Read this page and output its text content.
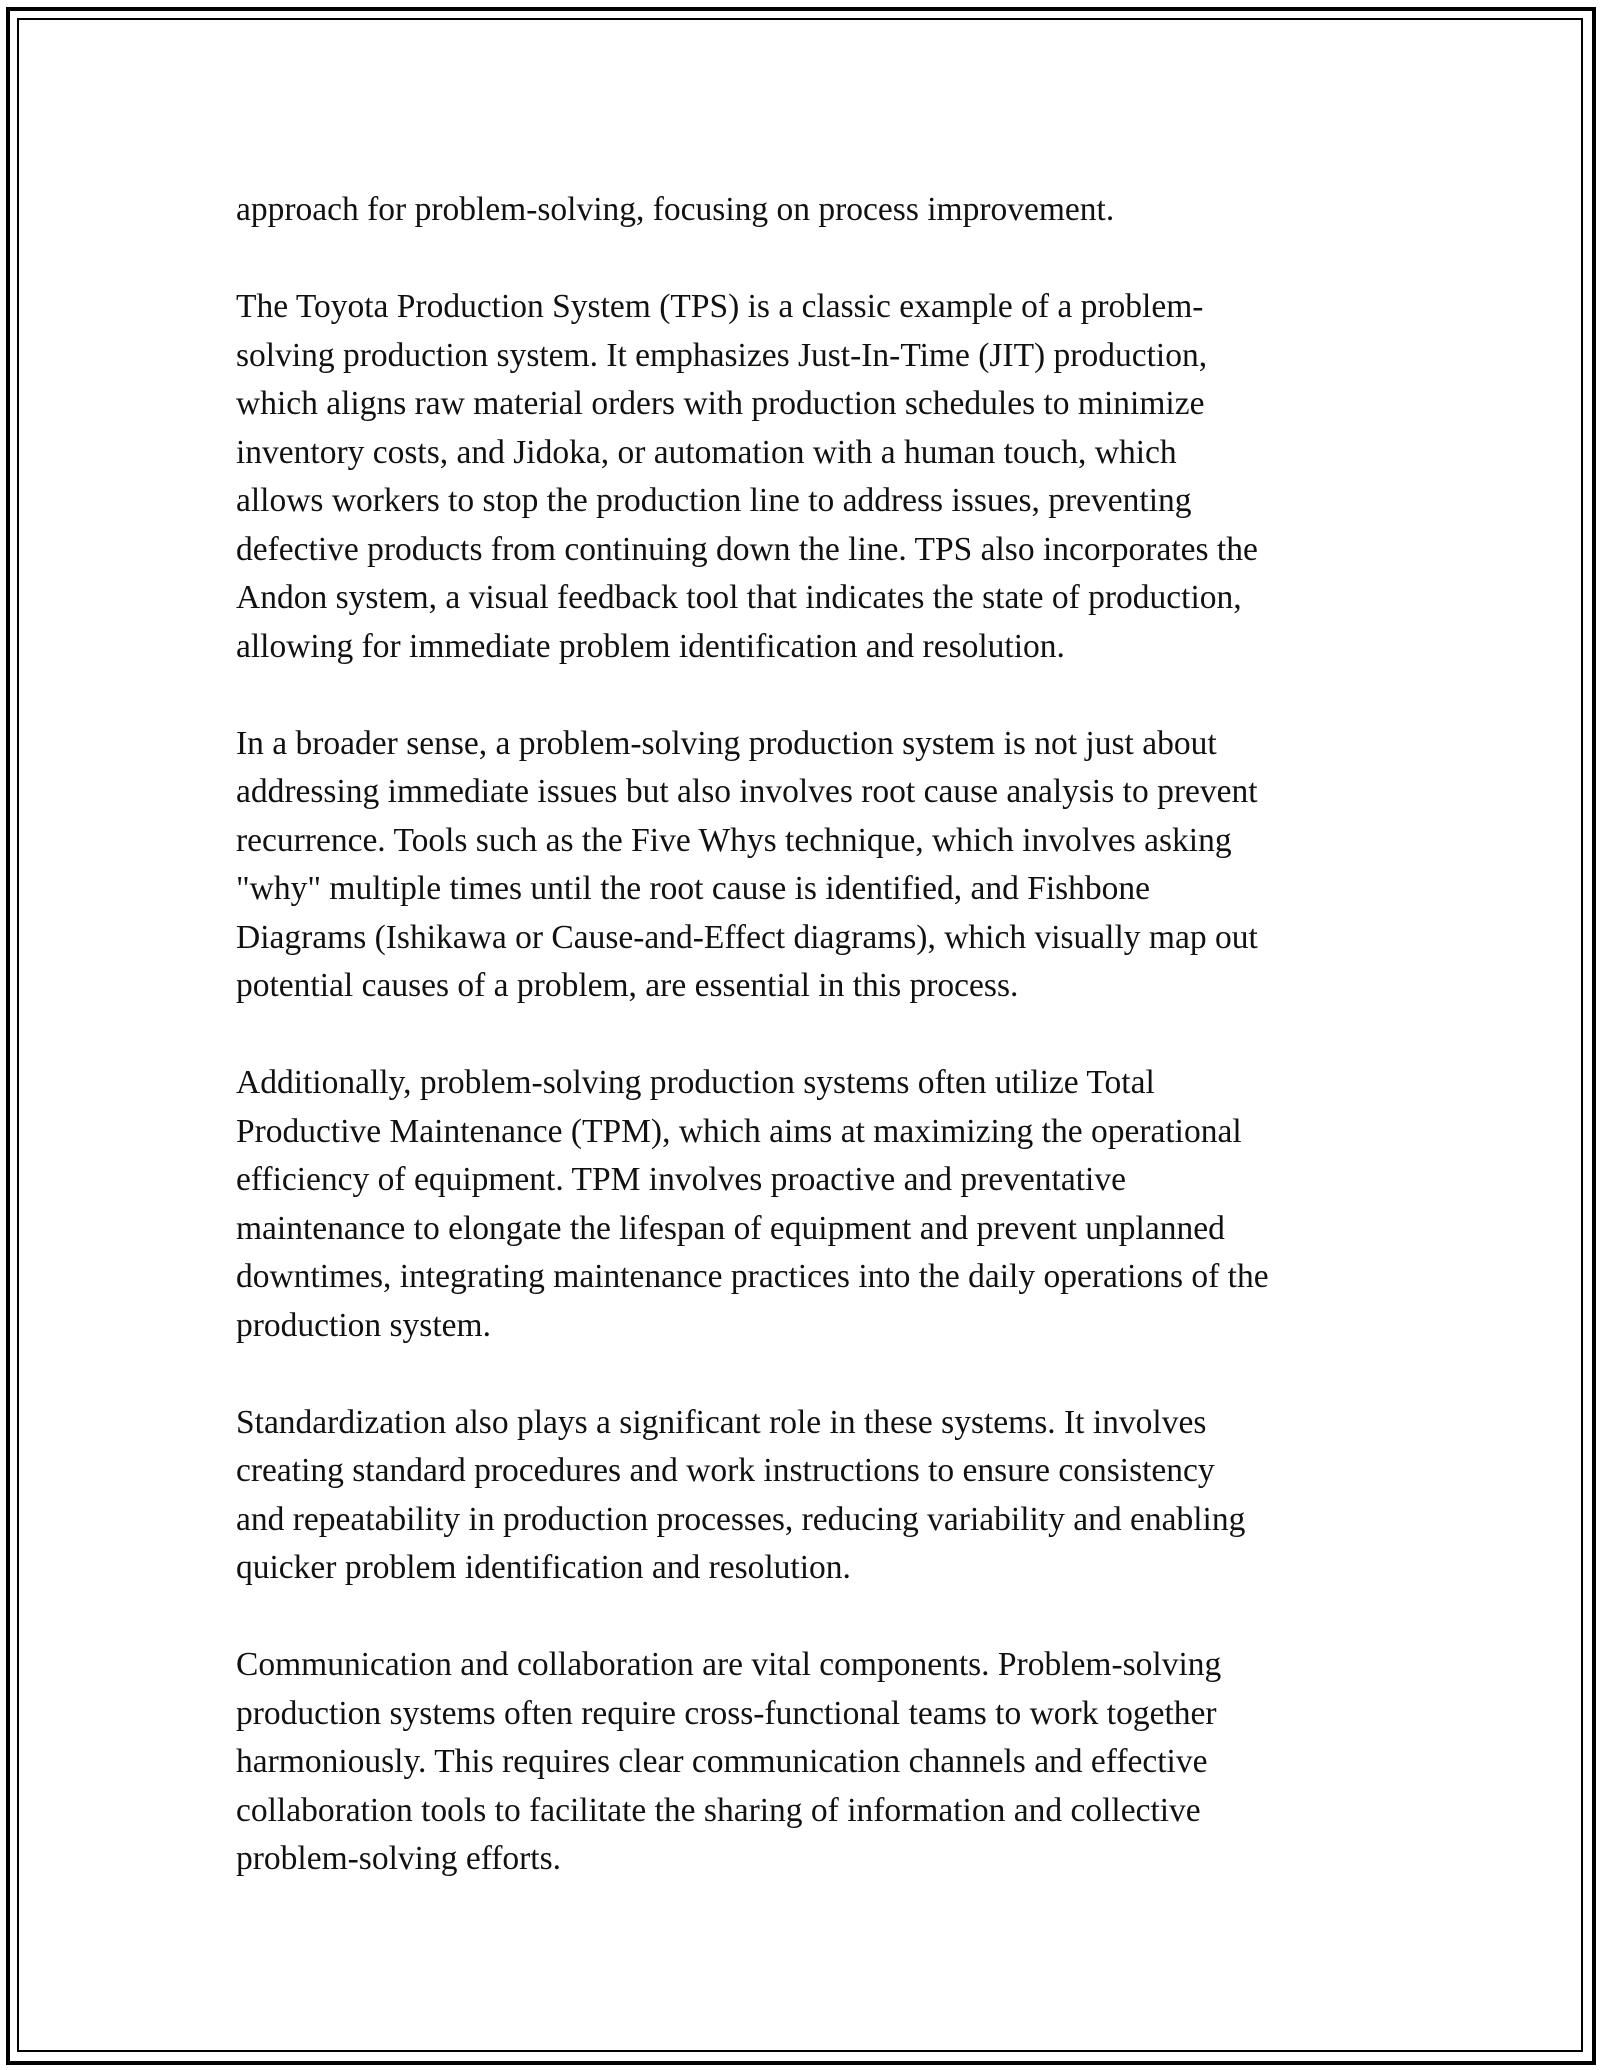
approach for problem-solving, focusing on process improvement.

The Toyota Production System (TPS) is a classic example of a problem-
solving production system. It emphasizes Just-In-Time (JIT) production,
which aligns raw material orders with production schedules to minimize
inventory costs, and Jidoka, or automation with a human touch, which
allows workers to stop the production line to address issues, preventing
defective products from continuing down the line. TPS also incorporates the
Andon system, a visual feedback tool that indicates the state of production,
allowing for immediate problem identification and resolution.

In a broader sense, a problem-solving production system is not just about
addressing immediate issues but also involves root cause analysis to prevent
recurrence. Tools such as the Five Whys technique, which involves asking
"why" multiple times until the root cause is identified, and Fishbone
Diagrams (Ishikawa or Cause-and-Effect diagrams), which visually map out
potential causes of a problem, are essential in this process.

Additionally, problem-solving production systems often utilize Total
Productive Maintenance (TPM), which aims at maximizing the operational
efficiency of equipment. TPM involves proactive and preventative
maintenance to elongate the lifespan of equipment and prevent unplanned
downtimes, integrating maintenance practices into the daily operations of the
production system.

Standardization also plays a significant role in these systems. It involves
creating standard procedures and work instructions to ensure consistency
and repeatability in production processes, reducing variability and enabling
quicker problem identification and resolution.

Communication and collaboration are vital components. Problem-solving
production systems often require cross-functional teams to work together
harmoniously. This requires clear communication channels and effective
collaboration tools to facilitate the sharing of information and collective
problem-solving efforts.
